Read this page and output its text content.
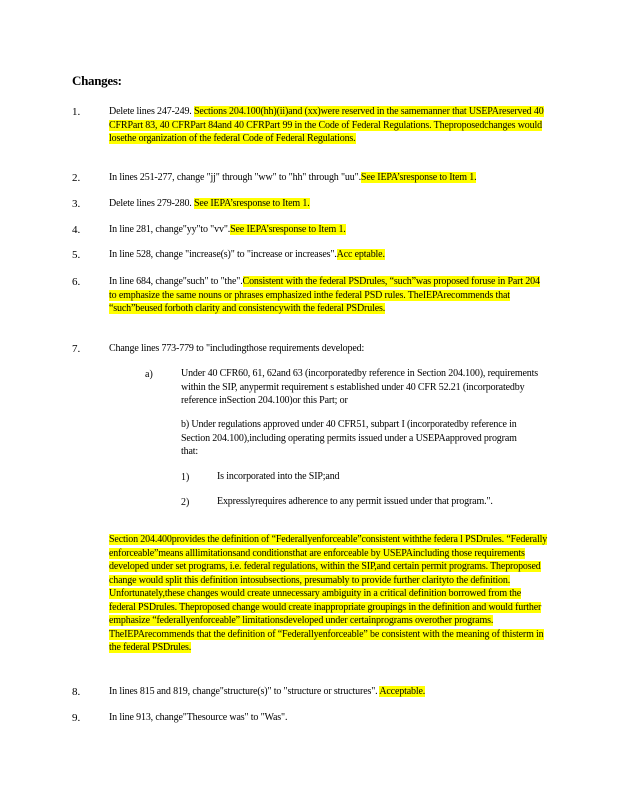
Changes:
1.	Delete lines 247-249. Sections 204.100(hh)(ii)and (xx)were reserved in the samemanner that USEPAreserved 40 CFRPart 83, 40 CFRPart 84and 40 CFRPart 99 in the Code of Federal Regulations. Theproposedchanges would losethe organization of the federal Code of Federal Regulations.
2.	In lines 251-277, change "jj" through "ww" to "hh" through "uu".See IEPA’sresponse to Item 1.
3.	Delete lines 279-280. See IEPA’sresponse to Item 1.
4.	In line 281, change"yy"to "vv".See IEPA’sresponse to Item 1.
5.	In line 528, change "increase(s)" to "increase or increases".Acc eptable.
6.	In line 684, change"such" to "the".Consistent with the federal PSDrules, “such”was proposed foruse in Part 204 to emphasize the same nouns or phrases emphasized inthe federal PSD rules. TheIEPArecommends that “such”beused forboth clarity and consistencywith the federal PSDrules.
7.	Change lines 773-779 to "includingthose requirements developed:
a)	Under 40 CFR60, 61, 62and 63 (incorporatedby reference in Section 204.100), requirements within the SIP, anypermit requirement s established under 40 CFR 52.21 (incorporatedby reference inSection 204.100)or this Part; or
b) Under regulations approved under 40 CFR51, subpart I (incorporatedby reference in Section 204.100),including operating permits issued under a USEPAapproved program that:
1)	Is incorporated into the SIP;and
2)	Expresslyrequires adherence to any permit issued under that program.".
Section 204.400provides the definition of “Federallyenforceable”consistent withthe federa l PSDrules. “Federally enforceable”means alllimitationsand conditionsthat are enforceable by USEPAincluding those requirements developed under set programs, i.e. federal regulations, within the SIP,and certain permit programs. Theproposed change would split this definition intosubsections, presumably to provide further clarityto the definition. Unfortunately,these changes would create unnecessary ambiguity in a critical definition borrowed from the federal PSDrules. Theproposed change would create inappropriate groupings in the definition and would further emphasize “federallyenforceable” limitationsdeveloped under certainprograms overother programs. TheIEPArecommends that the definition of “Federallyenforceable” be consistent with the meaning of thisterm in the federal PSDrules.
8.	In lines 815 and 819, change"structure(s)" to "structure or structures". Acceptable.
9.	In line 913, change"Thesource was" to "Was".
